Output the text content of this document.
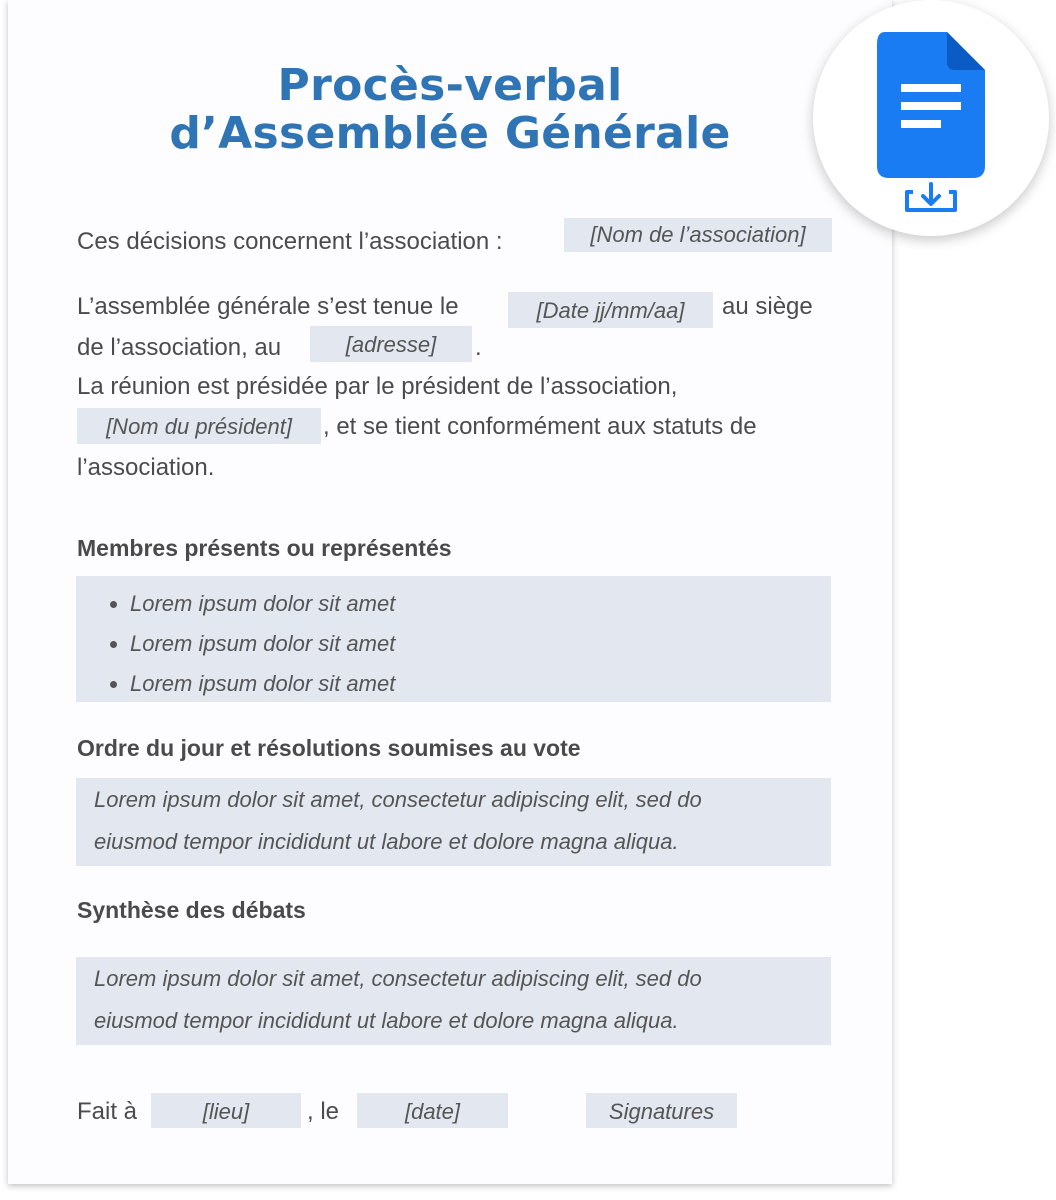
Procès-verbal
d’Assemblée Générale
Ces décisions concernent l’association :	[Nom de l’association]
L’assemblée générale s’est tenue le	[Date jj/mm/aa]	au siège
de l’association, au	[adresse]	.
La réunion est présidée par le président de l’association,
[Nom du président]	, et se tient conformément aux statuts de
l’association.
Membres présents ou représentés
• Lorem ipsum dolor sit amet
• Lorem ipsum dolor sit amet
• Lorem ipsum dolor sit amet
Ordre du jour et résolutions soumises au vote

Lorem ipsum dolor sit amet, consectetur adipiscing elit, sed do

eiusmod tempor incididunt ut labore et dolore magna aliqua.

Synthèse des débats

Lorem ipsum dolor sit amet, consectetur adipiscing elit, sed do

eiusmod tempor incididunt ut labore et dolore magna aliqua.

Fait à	[lieu]	, le	[date]	Signatures
